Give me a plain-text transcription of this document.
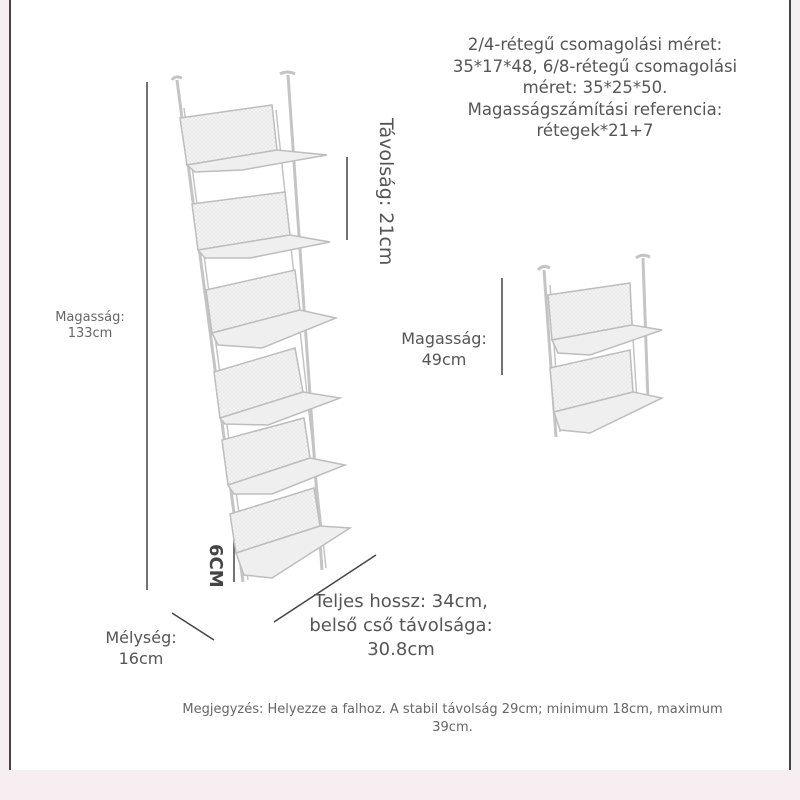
2/4-rétegű csomagolási méret:
35*17*48, 6/8-rétegű csomagolási
méret: 35*25*50.
Magasságszámítási referencia:
rétegek*21+7
Távolság: 21cm
Magasság:
133cm	Magasság:
49cm
6CM
Mélység:
16cm
Teljes hossz: 34cm,
belső cső távolsága:
30.8cm
Megjegyzés: Helyezze a falhoz. A stabil távolság 29cm; minimum 18cm, maximum 39cm.
